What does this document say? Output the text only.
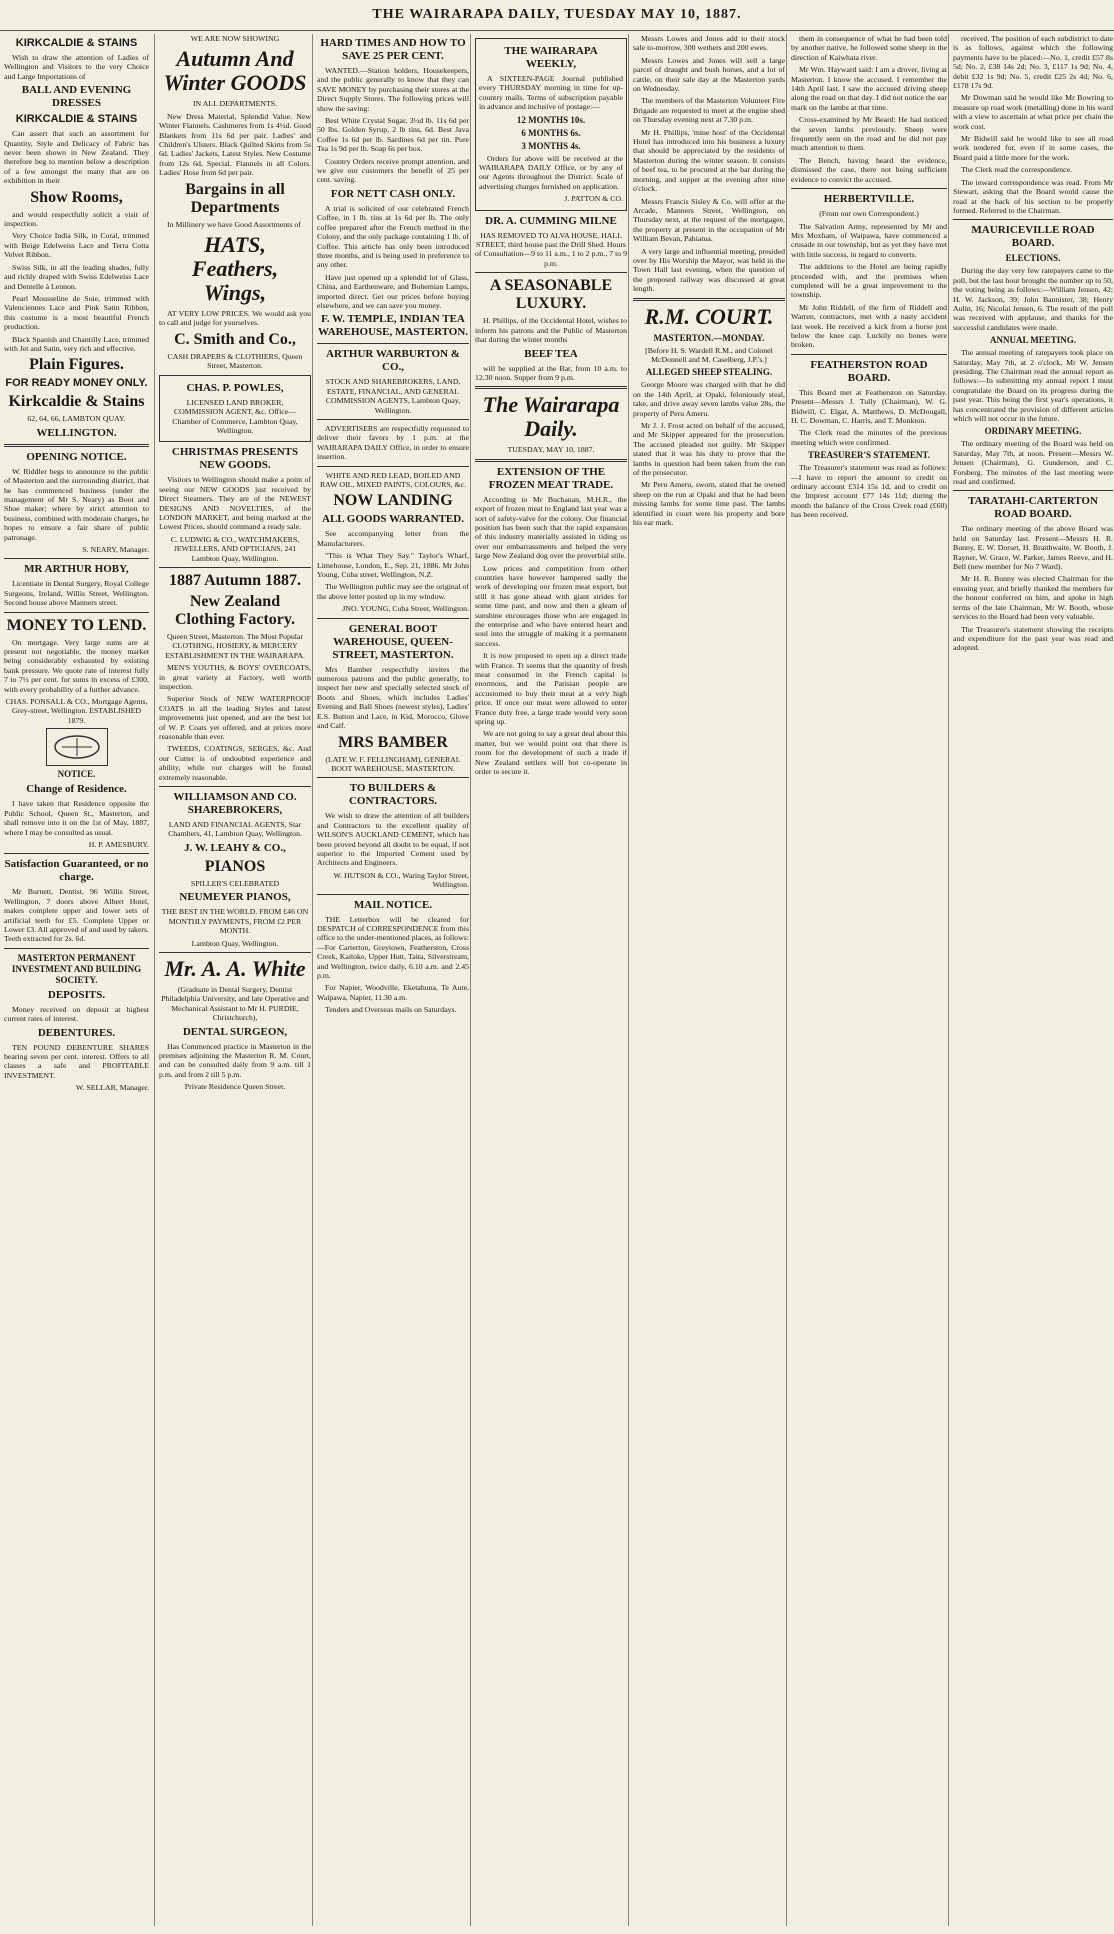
THE WAIRARAPA DAILY, TUESDAY MAY 10, 1887.
KIRKCALDIE & STAINS

Wish to draw the attention of Ladies of Wellington and Visitors to the very Choice and Large Importations of

BALL AND EVENING DRESSES
KIRKCALDIE & STAINS

Can assert that such an assortment for Quantity, Style and Delicacy of Fabric has never been shown in New Zealand. They therefore beg to mention below a description of a few amongst the many that are on exhibition in their

Show Rooms,

and would respectfully solicit a visit of inspection.

Very Choice India Silk, in Coral, trimmed with Beige Edelweiss Lace and Terra Cotta Velvet Ribbon.

Swiss Silk, in all the leading shades, fully and richly draped with Swiss Edelweiss Lace and Dentelle à Lennon.

Pearl Mousseline de Soie, trimmed with Valenciennes Lace and Pink Satin Ribbon, this costume is a most beautiful French production.

Black Spanish and Chantilly Lace, trimmed with Jet and Satin, very rich and effective.

Plain Figures.
FOR READY MONEY ONLY.
Kirkcaldie & Stains

62, 64, 66, LAMBTON QUAY.

WELLINGTON.
OPENING NOTICE.

W. Riddler begs to announce to the public of Masterton and the surrounding district, that he has commenced business (under the management of Mr S. Neary) as Boot and Shoe maker; where by strict attention to business, combined with moderate charges, he hopes to ensure a fair share of public patronage.

S. NEARY, Manager.

MR ARTHUR HOBY,

Licentiate in Dental Surgery, Royal College Surgeons, Ireland, Willis Street, Wellington. Second house above Manners street.

MONEY TO LEND.

On mortgage. Very large sums are at present not negotiable, the money market being considerably exhausted by existing bank pressure. We quote rate of interest fully 7 to 7½ per cent. for sums in excess of £300, with every probability of a further advance.

CHAS. PONSALL & CO., Mortgage Agents, Grey-street, Wellington. ESTABLISHED 1879.

NOTICE.
Change of Residence.

I have taken that Residence opposite the Public School, Queen St., Masterton, and shall remove into it on the 1st of May, 1887, where I may be consulted as usual.

H. P. AMESBURY.

Satisfaction Guaranteed, or no charge.

Mr Burnett, Dentist, 96 Willis Street, Wellington, 7 doors above Albert Hotel, makes complete upper and lower sets of artificial teeth for £5. Complete Upper or Lower £3. All approved of and used by takers. Teeth extracted for 2s. 6d.

MASTERTON PERMANENT INVESTMENT AND BUILDING SOCIETY.
DEPOSITS.

Money received on deposit at highest current rates of interest.

DEBENTURES.

TEN POUND DEBENTURE SHARES bearing seven per cent. interest. Offers to all classes a safe and PROFITABLE INVESTMENT.

W. SELLAR, Manager.

WE ARE NOW SHOWING

Autumn And Winter GOODS

IN ALL DEPARTMENTS.

New Dress Material, Splendid Value. New Winter Flannels. Cashmeres from 1s 4½d. Good Blankets from 11s 6d per pair. Ladies' and Children's Ulsters. Black Quilted Skirts from 5s 6d. Ladies' Jackets, Latest Styles. New Costume from 12s 6d, Special. Flannels in all Colors. Ladies' Hose from 6d per pair.

Bargains in all Departments

In Millinery we have Good Assortments of

HATS, Feathers, Wings,

AT VERY LOW PRICES. We would ask you to call and judge for yourselves.

C. Smith and Co.,

CASH DRAPERS & CLOTHIERS, Queen Street, Masterton.

CHAS. P. POWLES,

LICENSED LAND BROKER, COMMISSION AGENT, &c. Office—Chamber of Commerce, Lambton Quay, Wellington.

CHRISTMAS PRESENTS NEW GOODS.

Visitors to Wellington should make a point of seeing our NEW GOODS just received by Direct Steamers. They are of the NEWEST DESIGNS AND NOVELTIES, of the LONDON MARKET, and being marked at the Lowest Prices, should command a ready sale.

C. LUDWIG & CO., WATCHMAKERS, JEWELLERS, AND OPTICIANS, 241 Lambton Quay, Wellington.

1887 Autumn 1887.
New Zealand Clothing Factory.

Queen Street, Masterton. The Most Popular CLOTHING, HOSIERY, & MERCERY ESTABLISHMENT IN THE WAIRARAPA.

MEN'S YOUTHS, & BOYS' OVERCOATS, in great variety at Factory, well worth inspection.

Superior Stock of NEW WATERPROOF COATS in all the leading Styles and latest improvements just opened, and are the best lot of W. P. Coats yet offered, and at prices more reasonable than ever.

TWEEDS, COATINGS, SERGES, &c. And our Cutter is of undoubted experience and ability, while our charges will be found extremely reasonable.

WILLIAMSON AND CO. SHAREBROKERS,

LAND AND FINANCIAL AGENTS, Star Chambers, 41, Lambton Quay, Wellington.

J. W. LEAHY & CO.,
PIANOS

SPILLER'S CELEBRATED

NEUMEYER PIANOS,

THE BEST IN THE WORLD. FROM £46 ON MONTHLY PAYMENTS, FROM £2 PER MONTH.

Lambton Quay, Wellington.

Mr. A. A. White

(Graduate in Dental Surgery, Dentist Philadelphia University, and late Operative and Mechanical Assistant to Mr H. PURDIE, Christchurch),

DENTAL SURGEON,

Has Commenced practice in Masterton in the premises adjoining the Masterton R. M. Court, and can be consulted daily from 9 a.m. till 1 p.m. and from 2 till 5 p.m.

Private Residence Queen Street.

HARD TIMES AND HOW TO SAVE 25 PER CENT.

WANTED.—Station holders, Housekeepers, and the public generally to know that they can SAVE MONEY by purchasing their stores at the Direct Supply Stores. The following prices will show the saving:

Best White Crystal Sugar, 3½d lb. 11s 6d per 50 lbs. Golden Syrup, 2 lb tins, 6d. Best Java Coffee 1s 6d per lb. Sardines 6d per tin. Pure Tea 1s 9d per lb. Soap 6s per box.

Country Orders receive prompt attention, and we give our customers the benefit of 25 per cent. saving.

FOR NETT CASH ONLY.

A trial is solicited of our celebrated French Coffee, in 1 lb. tins at 1s 6d per lb. The only coffee prepared after the French method in the Colony, and the only package containing 1 lb. of Coffee. This article has only been introduced three months, and is being used in preference to any other.

Have just opened up a splendid lot of Glass, China, and Earthenware, and Bohemian Lamps, imported direct. Get our prices before buying elsewhere, and we can save you money.

F. W. TEMPLE, INDIAN TEA WAREHOUSE, MASTERTON.
ARTHUR WARBURTON & CO.,

STOCK AND SHAREBROKERS, LAND, ESTATE, FINANCIAL, AND GENERAL COMMISSION AGENTS, Lambton Quay, Wellington.

ADVERTISERS are respectfully requested to deliver their favors by 1 p.m. at the WAIRARAPA DAILY Office, in order to ensure insertion.

WHITE AND RED LEAD, BOILED AND RAW OIL, MIXED PAINTS, COLOURS, &c.

NOW LANDING
ALL GOODS WARRANTED.

See accompanying letter from the Manufacturers.

"This is What They Say." Taylor's Wharf, Limehouse, London, E., Sep. 21, 1886. Mr John Young, Cuba street, Wellington, N.Z.

The Wellington public may see the original of the above letter posted up in my window.

JNO. YOUNG, Cuba Street, Wellington.

GENERAL BOOT WAREHOUSE, QUEEN-STREET, MASTERTON.

Mrs Bamber respectfully invites the numerous patrons and the public generally, to inspect her new and specially selected stock of Boots and Shoes, which includes Ladies' Evening and Ball Shoes (newest styles), Ladies' E.S. Button and Lace, in Kid, Morocco, Glove and Calf.

MRS BAMBER

(LATE W. F. FELLINGHAM), GENERAL BOOT WAREHOUSE, MASTERTON.

TO BUILDERS & CONTRACTORS.

We wish to draw the attention of all builders and Contractors to the excellent quality of WILSON'S AUCKLAND CEMENT, which has been proved beyond all doubt to be equal, if not superior to the Imported Cement used by Architects and Engineers.

W. HUTSON & CO., Waring Taylor Street, Wellington.

MAIL NOTICE.

THE Letterbox will be cleared for DESPATCH of CORRESPONDENCE from this office to the under-mentioned places, as follows:—For Carterton, Greytown, Featherston, Cross Creek, Kaitoke, Upper Hutt, Taita, Silverstream, and Wellington, twice daily, 6.10 a.m. and 2.45 p.m.

For Napier, Woodville, Eketahuna, Te Aute, Waipawa, Napier, 11.30 a.m.

Tenders and Overseas mails on Saturdays.

THE WAIRARAPA WEEKLY,

A SIXTEEN-PAGE Journal published every THURSDAY morning in time for up-country mails. Terms of subscription payable in advance and inclusive of postage:—

12 MONTHS 10s.
6 MONTHS 6s.
3 MONTHS 4s.

Orders for above will be received at the WAIRARAPA DAILY Office, or by any of our Agents throughout the District. Scale of advertising charges furnished on application.

J. PATTON & CO.

DR. A. CUMMING MILNE

HAS REMOVED TO ALVA HOUSE, HALL STREET, third house past the Drill Shed. Hours of Consultation—9 to 11 a.m., 1 to 2 p.m., 7 to 9 p.m.

A SEASONABLE LUXURY.

H. Phillips, of the Occidental Hotel, wishes to inform his patrons and the Public of Masterton that during the winter months

BEEF TEA

will be supplied at the Bar, from 10 a.m. to 12.30 noon. Supper from 9 p.m.

The Wairarapa Daily.

TUESDAY, MAY 10, 1887.

EXTENSION OF THE FROZEN MEAT TRADE.

According to Mr Buchanan, M.H.R., the export of frozen meat to England last year was a sort of safety-valve for the colony. Our financial position has been such that the rapid expansion of this industry materially assisted in tiding us over our embarrassments and helped the very large New Zealand dog over the proverbial stile.

Low prices and competition from other countries have however hampered sadly the work of developing our frozen meat export, but still it has gone ahead with giant strides for some time past, and now and then a gleam of sunshine encourages those who are engaged in the enterprise and who have entered heart and soul into the struggle of making it a permanent success.

It is now proposed to open up a direct trade with France. Tt seems that the quantity of fresh meat consumed in the French capital is enormous, and the Parisian people are accustomed to buy their meat at a very high price. If once our meat were allowed to enter France duty free, a large trade would very soon spring up.

We are not going to say a great deal about this matter, but we would point out that there is room for the development of such a trade if New Zealand settlers will but co-operate in order to secure it.

Messrs Lowes and Jones add to their stock sale to-morrow, 300 wethers and 200 ewes.

Messrs Lowes and Jones will sell a large parcel of draught and bush horses, and a lot of cattle, on their sale day at the Masterton yards on Wednesday.

The members of the Masterton Volunteer Fire Brigade are requested to meet at the engine shed on Thursday evening next at 7.30 p.m.

Mr H. Phillips, 'mine host' of the Occidental Hotel has introduced into his business a luxury that should be appreciated by the residents of Masterton during the winter season. It consists of beef tea, to be procured at the bar during the morning, and supper at the evening after nine o'clock.

Messrs Francis Sisley & Co. will offer at the Arcade, Manners Street, Wellington, on Thursday next, at the request of the mortgagee, the property at present in the occupation of Mr William Bevan, Pahiatua.

A very large and influential meeting, presided over by His Worship the Mayor, was held in the Town Hall last evening, when the question of the proposed railway was discussed at great length.

R.M. COURT.
MASTERTON.—MONDAY.

[Before H. S. Wardell R.M., and Colonel McDonnell and M. Caselberg, J.P.'s.]

ALLEGED SHEEP STEALING.

George Moore was charged with that he did on the 14th April, at Opaki, feloniously steal, take, and drive away seven lambs value 28s, the property of Peru Ameru.

Mr J. J. Frost acted on behalf of the accused, and Mr Skipper appeared for the prosecution. The accused pleaded not guilty. Mr Skipper stated that it was his duty to prove that the lambs in question had been taken from the run of the prosecutor.

Mr Peru Ameru, sworn, stated that he owned sheep on the run at Opaki and that he had been missing lambs for some time past. The lambs identified in court were his property and bore his ear mark.

them in consequence of what he had been told by another native, he followed some sheep in the direction of Kaiwhata river.

Mr Wm. Hayward said: I am a drover, living at Masterton. I know the accused. I remember the 14th April last. I saw the accused driving sheep along the road on that day. I did not notice the ear mark on the lambs at that time.

Cross-examined by Mr Beard: He had noticed the seven lambs previously. Sheep were frequently seen on the road and he did not pay much attention to them.

The Bench, having heard the evidence, dismissed the case, there not being sufficient evidence to convict the accused.

HERBERTVILLE.

(From our own Correspondent.)

The Salvation Army, represented by Mr and Mrs Moxham, of Waipawa, have commenced a crusade in our township, but as yet they have met with little success, in regard to converts.

The additions to the Hotel are being rapidly proceeded with, and the premises when completed will be a great improvement to the township.

Mr John Riddell, of the firm of Riddell and Warren, contractors, met with a nasty accident last week. He received a kick from a horse just below the knee cap. Luckily no bones were broken.

FEATHERSTON ROAD BOARD.

This Board met at Featherston on Saturday. Present—Messrs J. Tully (Chairman), W. G. Bidwill, C. Elgar, A. Matthews, D. McDougall, H. C. Dowman, C. Harris, and T. Monkton.

The Clerk read the minutes of the previous meeting which were confirmed.

TREASURER'S STATEMENT.

The Treasurer's statement was read as follows:—I have to report the amount to credit on ordinary account £314 15s 1d, and to credit on the Imprest account £77 14s 11d; during the month the balance of the Cross Creek road (£60) has been received.

received. The position of each subdistrict to date is as follows, against which the following payments have to be placed:—No. 1, credit £57 8s 5d; No. 2, £38 14s 2d; No. 3, £117 1s 9d; No. 4, debit £32 1s 9d; No. 5, credit £25 2s 4d; No. 6, £178 17s 9d.

Mr Dowman said he would like Mr Bowring to measure up road work (metalling) done in his ward with a view to ascertain at what price per chain the work cost.

Mr Bidwill said he would like to see all road work tendered for, even if in some cases, the Board paid a little more for the work.

The Clerk read the correspondence.

The inward correspondence was read. From Mr Stewart, asking that the Board would cause the road at the back of his section to be properly formed. Referred to the Chairman.

MAURICEVILLE ROAD BOARD.
ELECTIONS.

During the day very few ratepayers came to the poll, but the last hour brought the number up to 50, the voting being as follows:—William Jensen, 42; H. W. Jackson, 39; John Bannister, 38; Henry Aulin, 16; Nicolai Jensen, 6. The result of the poll was received with applause, and thanks for the successful candidates were made.

ANNUAL MEETING.

The annual meeting of ratepayers took place on Saturday, May 7th, at 2 o'clock, Mr W. Jensen presiding. The Chairman read the annual report as follows:—In submitting my annual report I must congratulate the Board on its progress during the past year. This being the first year's operations, it has concentrated the provision of different articles which will not occur in the future.

ORDINARY MEETING.

The ordinary meeting of the Board was held on Saturday, May 7th, at noon. Present—Messrs W. Jensen (Chairman), G. Gunderson, and C. Forsberg. The minutes of the last meeting were read and confirmed.

TARATAHI-CARTERTON ROAD BOARD.

The ordinary meeting of the above Board was held on Saturday last. Present—Messrs H. R. Bunny, E. W. Dorset, H. Braithwaite, W. Booth, J. Rayner, W. Grace, W. Parker, James Reeve, and H. Bell (new member for No 7 Ward).

Mr H. R. Bunny was elected Chairman for the ensuing year, and briefly thanked the members for the honour conferred on him, and spoke in high terms of the late Chairman, Mr W. Booth, whose services to the Board had been very valuable.

The Treasurer's statement showing the receipts and expenditure for the past year was read and adopted.
